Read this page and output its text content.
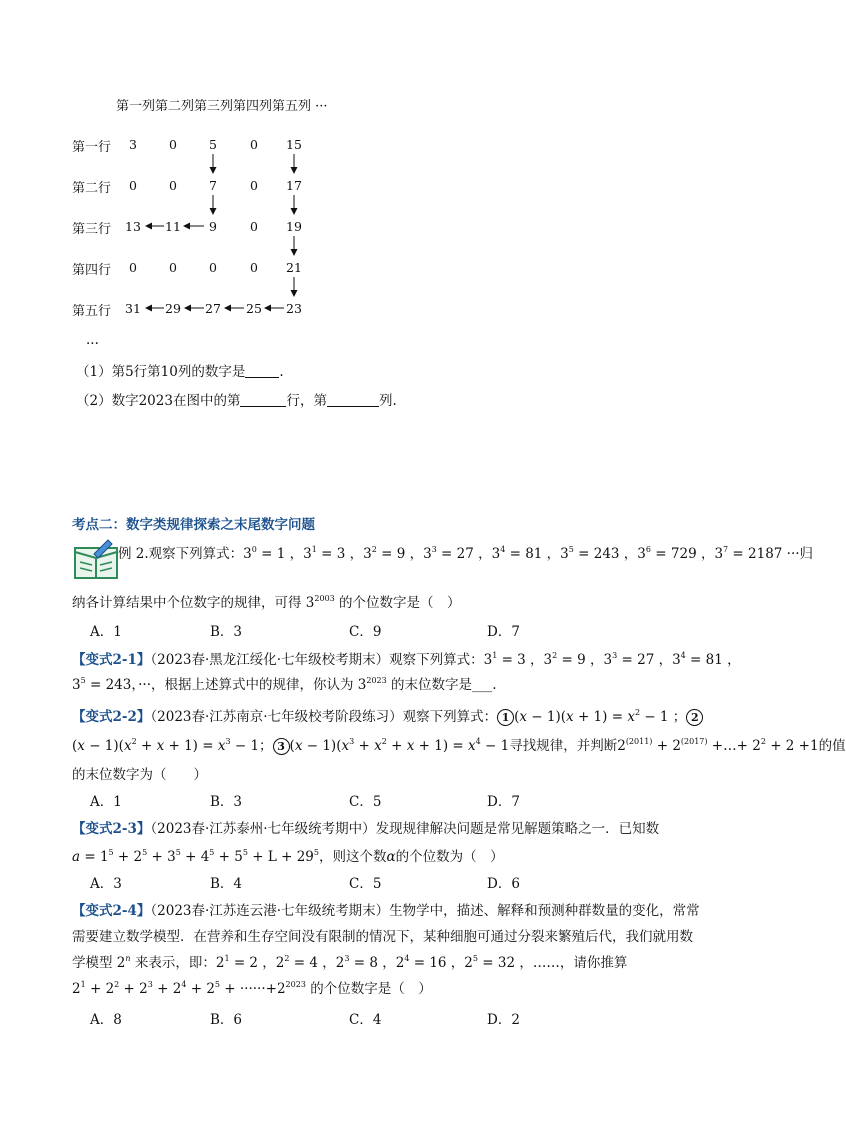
第一列第二列第三列第四列第五列 ···
第一行	3	0	5	0	15
第二行	0	0	7	0	17
第三行	13	11	9	0	19
第四行	0	0	0	0	21
第五行	31	29	27	25	23
···
（1）第5行第10列的数字是	.
（2）数字2023在图中的第	行，第	列.
考点二：数字类规律探索之末尾数字问题
例 2.观察下列算式：$3^0 = 1$ ，$3^1 = 3$ ，$3^2 = 9$ ，$3^3 = 27$ ，$3^4 = 81$ ，$3^5 = 243$ ，$3^6 = 729$ ，$3^7 = 2187$ ···归
纳各计算结果中个位数字的规律，可得 $3^{2003}$ 的个位数字是（　）
A．1	B．3	C．9	D．7
【变式2-1】（2023春·黑龙江绥化·七年级校考期末）观察下列算式：$3^1 = 3$ ，$3^2 = 9$ ，$3^3 = 27$ ，$3^4 = 81$ ，
$3^5 = 243$，···，根据上述算式中的规律，你认为 $3^{2023}$ 的末位数字是___.
【变式2-2】（2023春·江苏南京·七年级校考阶段练习）观察下列算式： 1 $(x - 1)(x + 1) = x^2 - 1$ ； 2
$(x - 1)(x^2 + x + 1) = x^3 - 1$； 3 $(x - 1)(x^3 + x^2 + x + 1) = x^4 - 1$寻找规律，并判断$2^{(2011)} + 2^{(2017)}$ +…+ $2^2 + 2 +1$的值
的末位数字为（　　）
A．1	B．3	C．5	D．7
【变式2-3】（2023春·江苏泰州·七年级统考期中）发现规律解决问题是常见解题策略之一．已知数
$a = 1^5 + 2^5 + 3^5 + 4^5 + 5^5 + L + 29^5$，则这个数α的个位数为（　）
A．3	B．4	C．5	D．6
【变式2-4】（2023春·江苏连云港·七年级统考期末）生物学中，描述、解释和预测种群数量的变化，常常
需要建立数学模型．在营养和生存空间没有限制的情况下，某种细胞可通过分裂来繁殖后代，我们就用数
学模型 2$^n$ 来表示，即：$2^1 = 2$ ，$2^2 = 4$ ，$2^3 = 8$ ，$2^4 = 16$ ，$2^5 = 32$ ，……，请你推算
$2^1 + 2^2 + 2^3 + 2^4 + 2^5 + \cdot\cdot\cdot\cdot\cdot\cdot+2^{2023}$ 的个位数字是（　）
A．8	B．6	C．4	D．2
